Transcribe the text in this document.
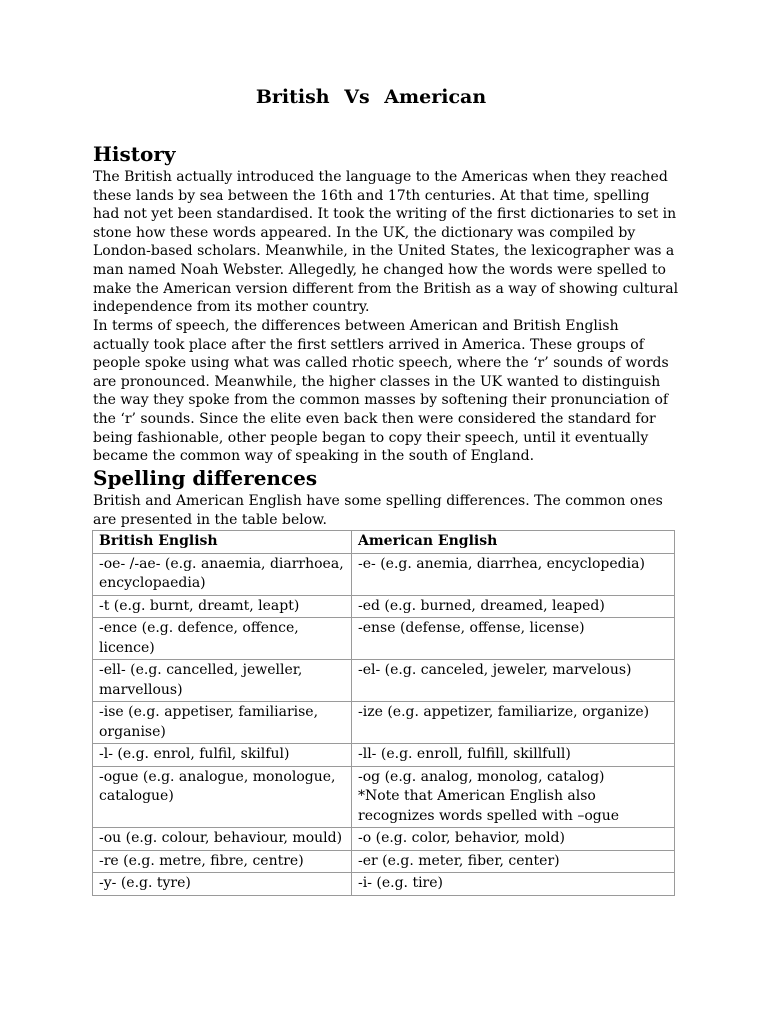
British Vs American
History

The British actually introduced the language to the Americas when they reached these lands by sea between the 16th and 17th centuries. At that time, spelling had not yet been standardised. It took the writing of the first dictionaries to set in stone how these words appeared. In the UK, the dictionary was compiled by London-based scholars. Meanwhile, in the United States, the lexicographer was a man named Noah Webster. Allegedly, he changed how the words were spelled to make the American version different from the British as a way of showing cultural independence from its mother country.

In terms of speech, the differences between American and British English actually took place after the first settlers arrived in America. These groups of people spoke using what was called rhotic speech, where the ‘r’ sounds of words are pronounced. Meanwhile, the higher classes in the UK wanted to distinguish the way they spoke from the common masses by softening their pronunciation of the ‘r’ sounds. Since the elite even back then were considered the standard for being fashionable, other people began to copy their speech, until it eventually became the common way of speaking in the south of England.

Spelling differences

British and American English have some spelling differences. The common ones are presented in the table below.

British English	American English
-oe- /-ae- (e.g. anaemia, diarrhoea, encyclopaedia)	-e- (e.g. anemia, diarrhea, encyclopedia)
-t (e.g. burnt, dreamt, leapt)	-ed (e.g. burned, dreamed, leaped)
-ence (e.g. defence, offence, licence)	-ense (defense, offense, license)
-ell- (e.g. cancelled, jeweller, marvellous)	-el- (e.g. canceled, jeweler, marvelous)
-ise (e.g. appetiser, familiarise, organise)	-ize (e.g. appetizer, familiarize, organize)
-l- (e.g. enrol, fulfil, skilful)	-ll- (e.g. enroll, fulfill, skillfull)
-ogue (e.g. analogue, monologue, catalogue)	-og (e.g. analog, monolog, catalog)
*Note that American English also recognizes words spelled with –ogue

-ou (e.g. colour, behaviour, mould)	-o (e.g. color, behavior, mold)
-re (e.g. metre, fibre, centre)	-er (e.g. meter, fiber, center)
-y- (e.g. tyre)	-i- (e.g. tire)
